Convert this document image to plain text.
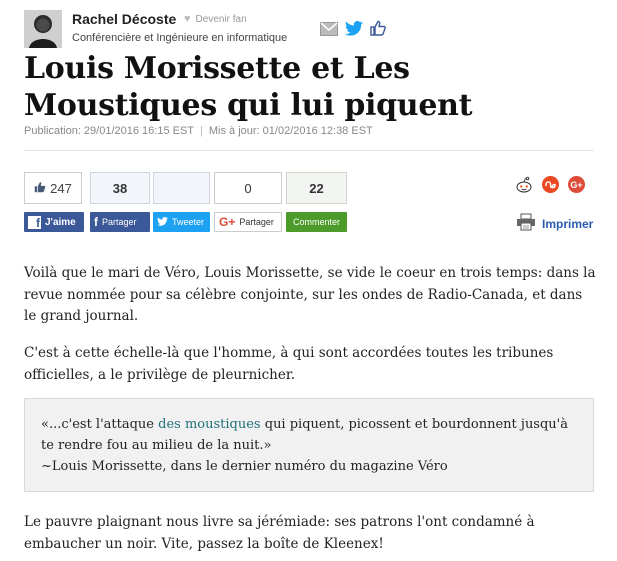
Rachel Décoste ♥ Devenir fan
Conférencière et Ingénieure en informatique
Louis Morissette et Les Moustiques qui lui piquent
Publication: 29/01/2016 16:15 EST | Mis à jour: 01/02/2016 12:38 EST
247	38	0	22
f J'aime f Partager	Tweeter G+ Partager Commenter
G+
Imprimer

Voilà que le mari de Véro, Louis Morissette, se vide le coeur en trois temps: dans la revue nommée pour sa célèbre conjointe, sur les ondes de Radio-Canada, et dans le grand journal.

C'est à cette échelle-là que l'homme, à qui sont accordées toutes les tribunes officielles, a le privilège de pleurnicher.

«...c'est l'attaque des moustiques qui piquent, picossent et bourdonnent jusqu'à te rendre fou au milieu de la nuit.»
~Louis Morissette, dans le dernier numéro du magazine Véro

Le pauvre plaignant nous livre sa jérémiade: ses patrons l'ont condamné à embaucher un noir. Vite, passez la boîte de Kleenex!
